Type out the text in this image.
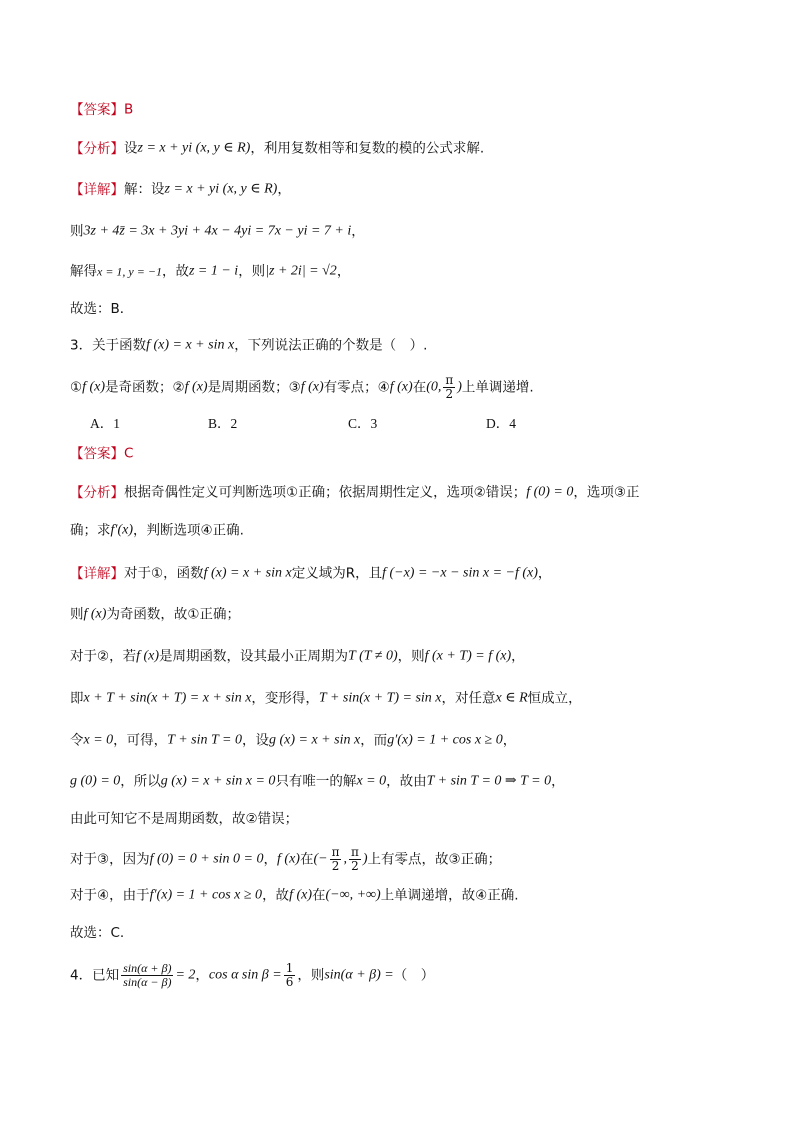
【答案】B
【分析】设z = x + yi (x, y ∈ R)，利用复数相等和复数的模的公式求解.
【详解】解：设z = x + yi (x, y ∈ R)，
则3z + 4z̄ = 3x + 3yi + 4x − 4yi = 7x − yi = 7 + i，
解得x = 1, y = −1，故z = 1 − i，则|z + 2i| = √2，
故选：B．
3．关于函数f (x) = x + sin x，下列说法正确的个数是（　）.
①f (x)是奇函数；②f (x)是周期函数；③f (x)有零点；④f (x)在(0, $\frac{\pi}{2}$ )上单调递增.
A．1	B．2	C．3	D．4
【答案】C
【分析】根据奇偶性定义可判断选项①正确；依据周期性定义，选项②错误；f (0) = 0，选项③正
确；求f′(x)，判断选项④正确.
【详解】对于①，函数f (x) = x + sin x定义域为R，且f (−x) = −x − sin x = −f (x)，
则f (x)为奇函数，故①正确；
对于②，若f (x)是周期函数，设其最小正周期为T (T ≠ 0)，则f (x + T) = f (x)，
即x + T + sin(x + T) = x + sin x，变形得，T + sin(x + T) = sin x，对任意x ∈ R恒成立，
令x = 0，可得，T + sin T = 0，设g (x) = x + sin x，而g′(x) = 1 + cos x ≥ 0，
g (0) = 0，所以g (x) = x + sin x = 0只有唯一的解x = 0，故由T + sin T = 0 ⇒ T = 0，
由此可知它不是周期函数，故②错误；
对于③，因为f (0) = 0 + sin 0 = 0，f (x)在(− $\frac{\pi}{2}$ , $\frac{\pi}{2}$ )上有零点，故③正确；
对于④，由于f′(x) = 1 + cos x ≥ 0，故f (x)在(−∞, +∞)上单调递增，故④正确.
故选：C.
4．已知 $\frac{\sin(\alpha + \beta)}{\sin(\alpha - \beta)} = 2$，cos α $\sin \beta = \frac{1}{6}$ ，则sin(α + β) =（　）
